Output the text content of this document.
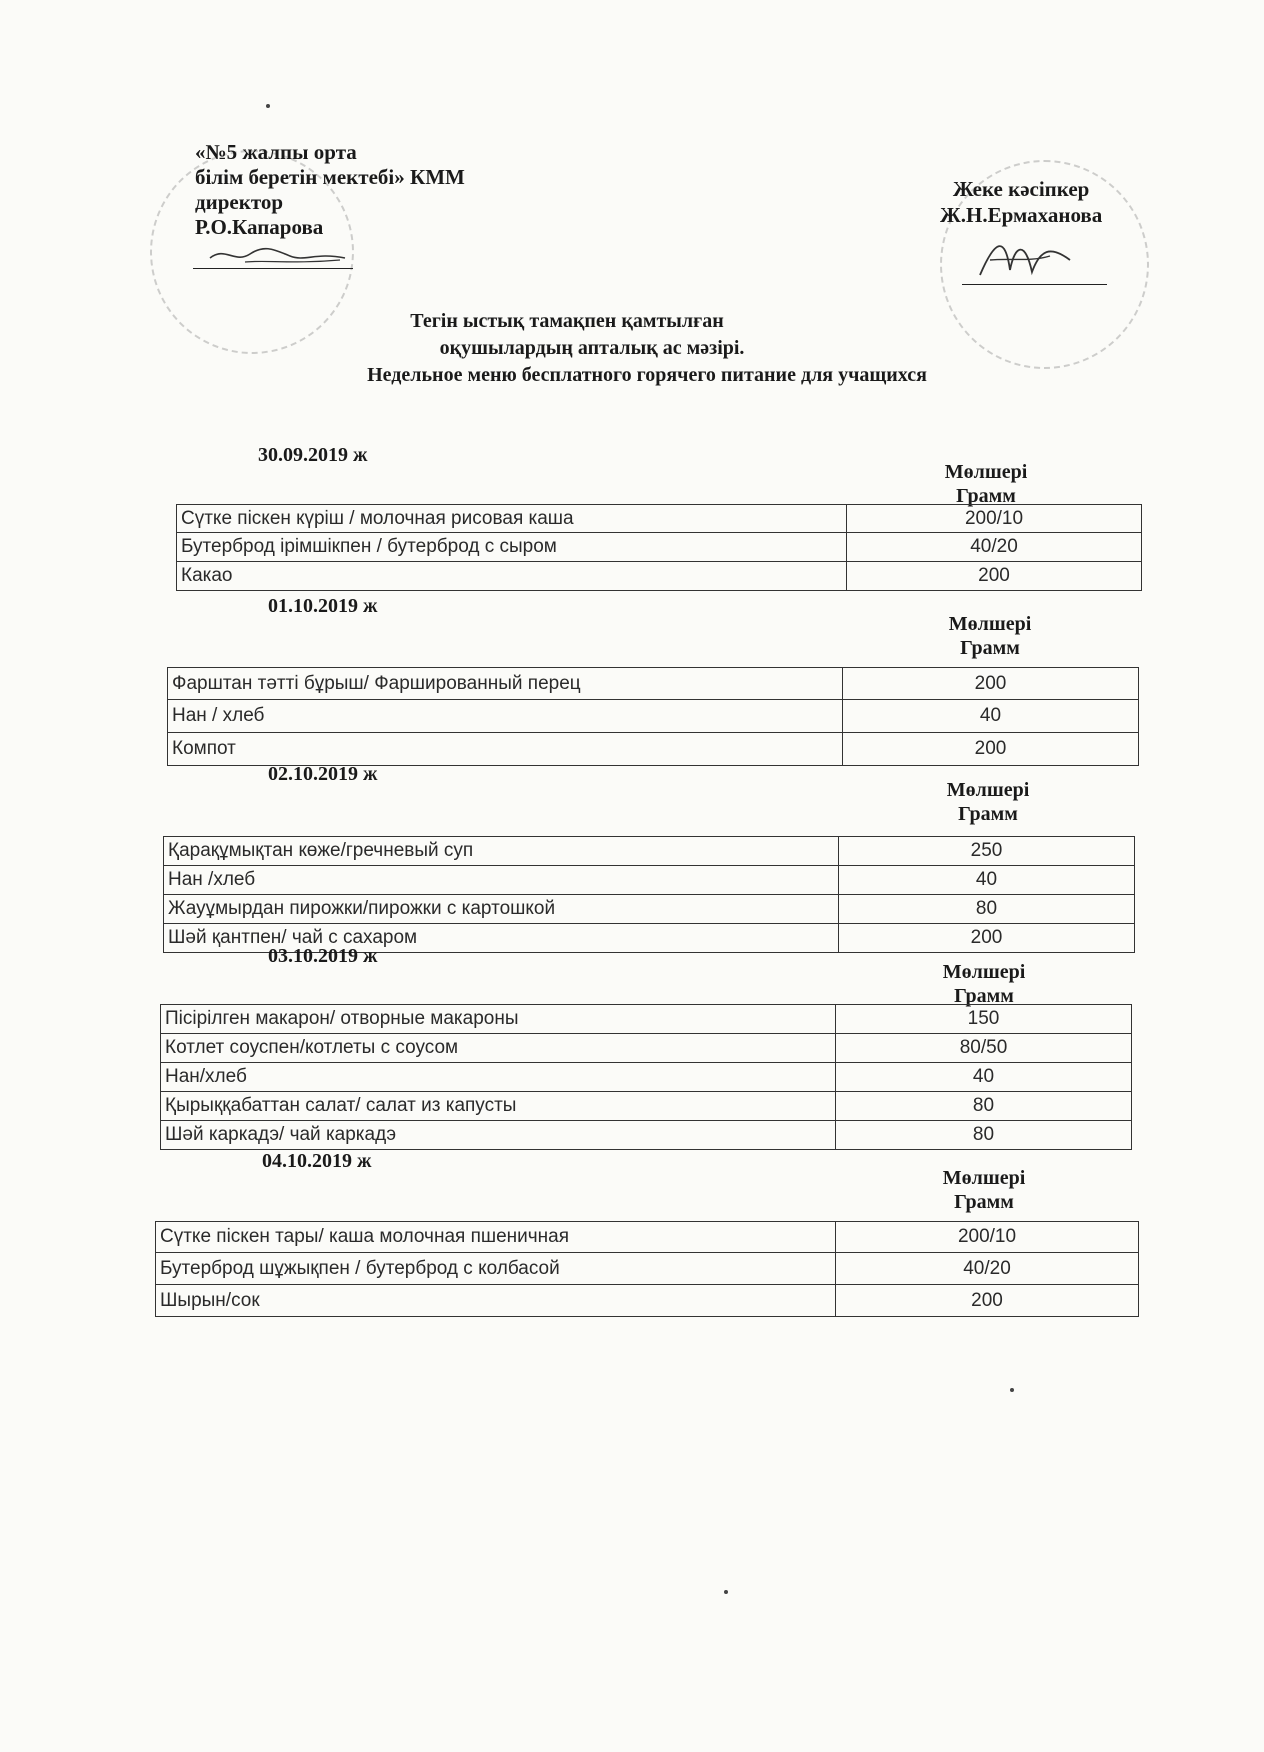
«№5 жалпы орта
білім беретін мектебі» КММ
директор
Р.О.Капарова
Жеке кәсіпкер
Ж.Н.Ермаханова
Тегін ыстық тамақпен қамтылған
оқушылардың апталық ас мәзірі.
Недельное меню бесплатного горячего питание для учащихся
30.09.2019 ж
Мөлшері
Грамм
Сүтке піскен күріш / молочная рисовая каша	200/10
Бутерброд ірімшікпен / бутерброд с сыром	40/20
Какао	200
01.10.2019 ж
Мөлшері
Грамм
Фарштан тәтті бұрыш/ Фаршированный перец	200
Нан / хлеб	40
Компот	200
02.10.2019 ж
Мөлшері
Грамм
Қарақұмықтан көже/гречневый суп	250
Нан /хлеб	40
Жауұмырдан пирожки/пирожки с картошкой	80
Шәй қантпен/ чай с сахаром	200
03.10.2019 ж
Мөлшері
Грамм
Пісірілген макарон/ отворные макароны	150
Котлет соуспен/котлеты с соусом	80/50
Нан/хлеб	40
Қырыққабаттан салат/ салат из капусты	80
Шәй каркадэ/ чай каркадэ	80
04.10.2019 ж
Мөлшері
Грамм
Сүтке піскен тары/ каша молочная пшеничная	200/10
Бутерброд шұжықпен / бутерброд с колбасой	40/20
Шырын/сок	200
